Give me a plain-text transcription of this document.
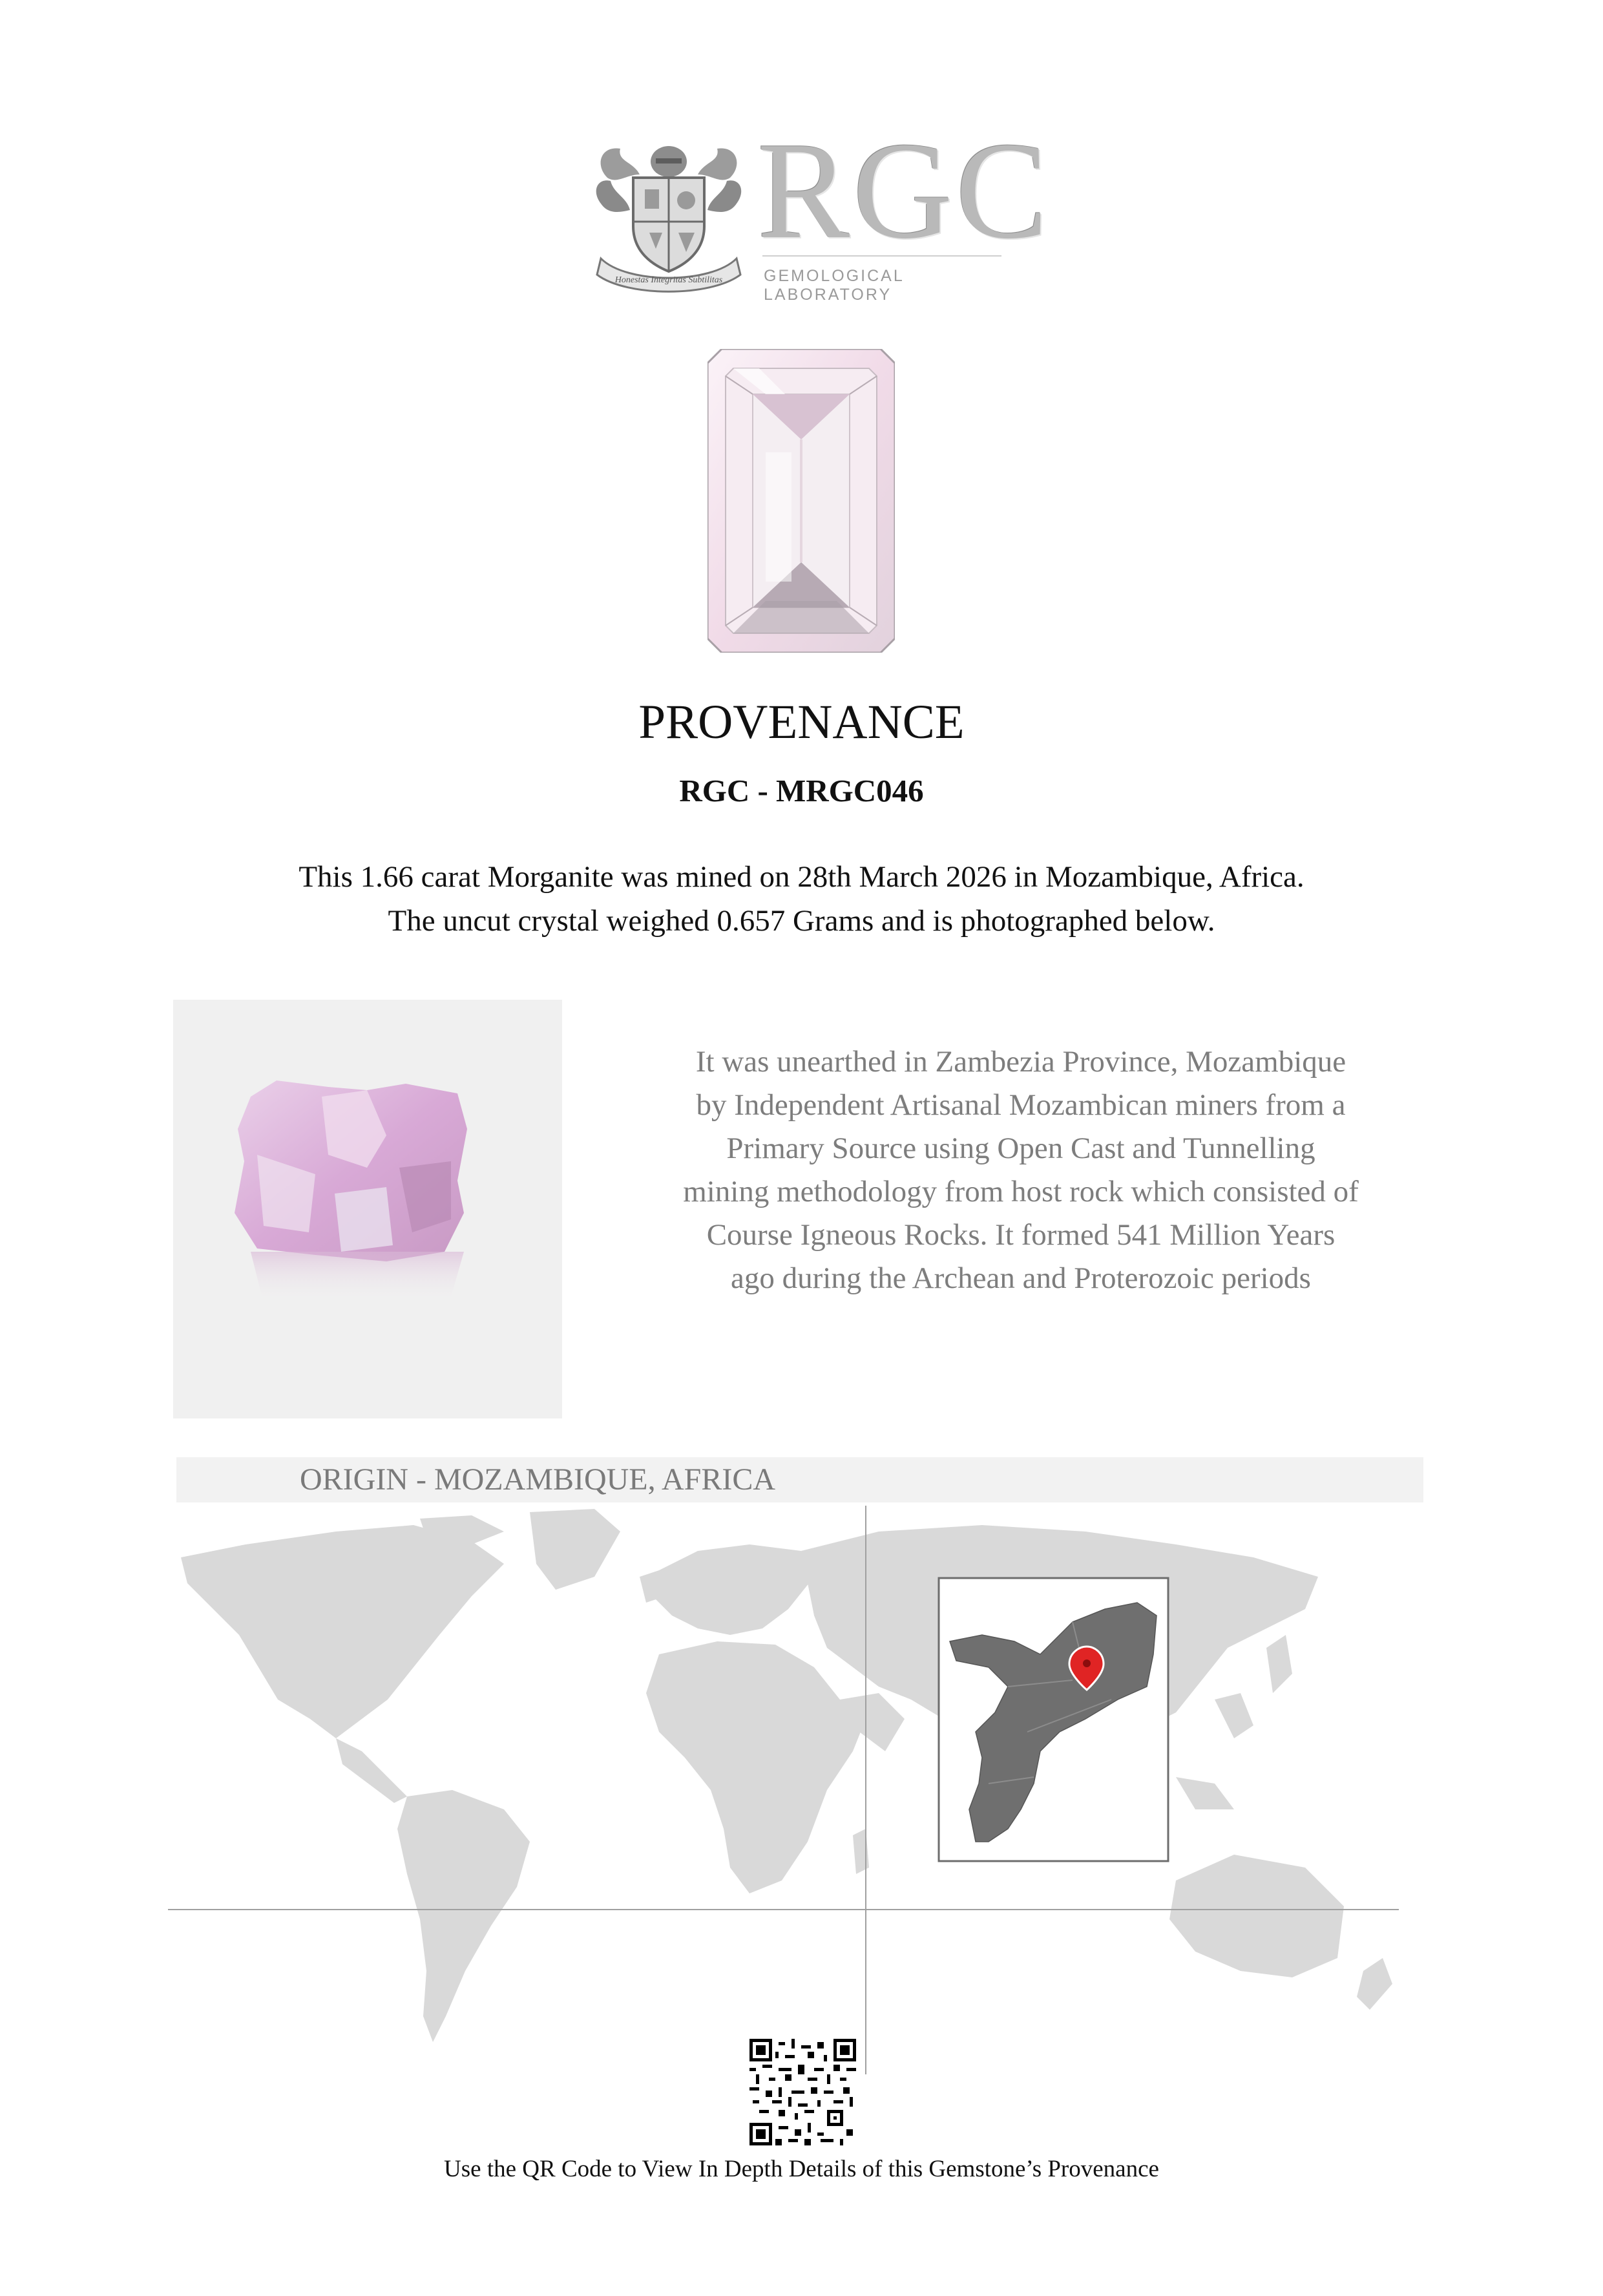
Honestas Integritas Subtilitas
RGC
GEMOLOGICAL LABORATORY
PROVENANCE
RGC - MRGC046
This 1.66 carat Morganite was mined on 28th March 2026 in Mozambique, Africa.
The uncut crystal weighed 0.657 Grams and is photographed below.
It was unearthed in Zambezia Province, Mozambique
by Independent Artisanal Mozambican miners from a
Primary Source using Open Cast and Tunnelling
mining methodology from host rock which consisted of
Course Igneous Rocks. It formed 541 Million Years
ago during the Archean and Proterozoic periods
ORIGIN - MOZAMBIQUE, AFRICA
Use the QR Code to View In Depth Details of this Gemstone’s Provenance
